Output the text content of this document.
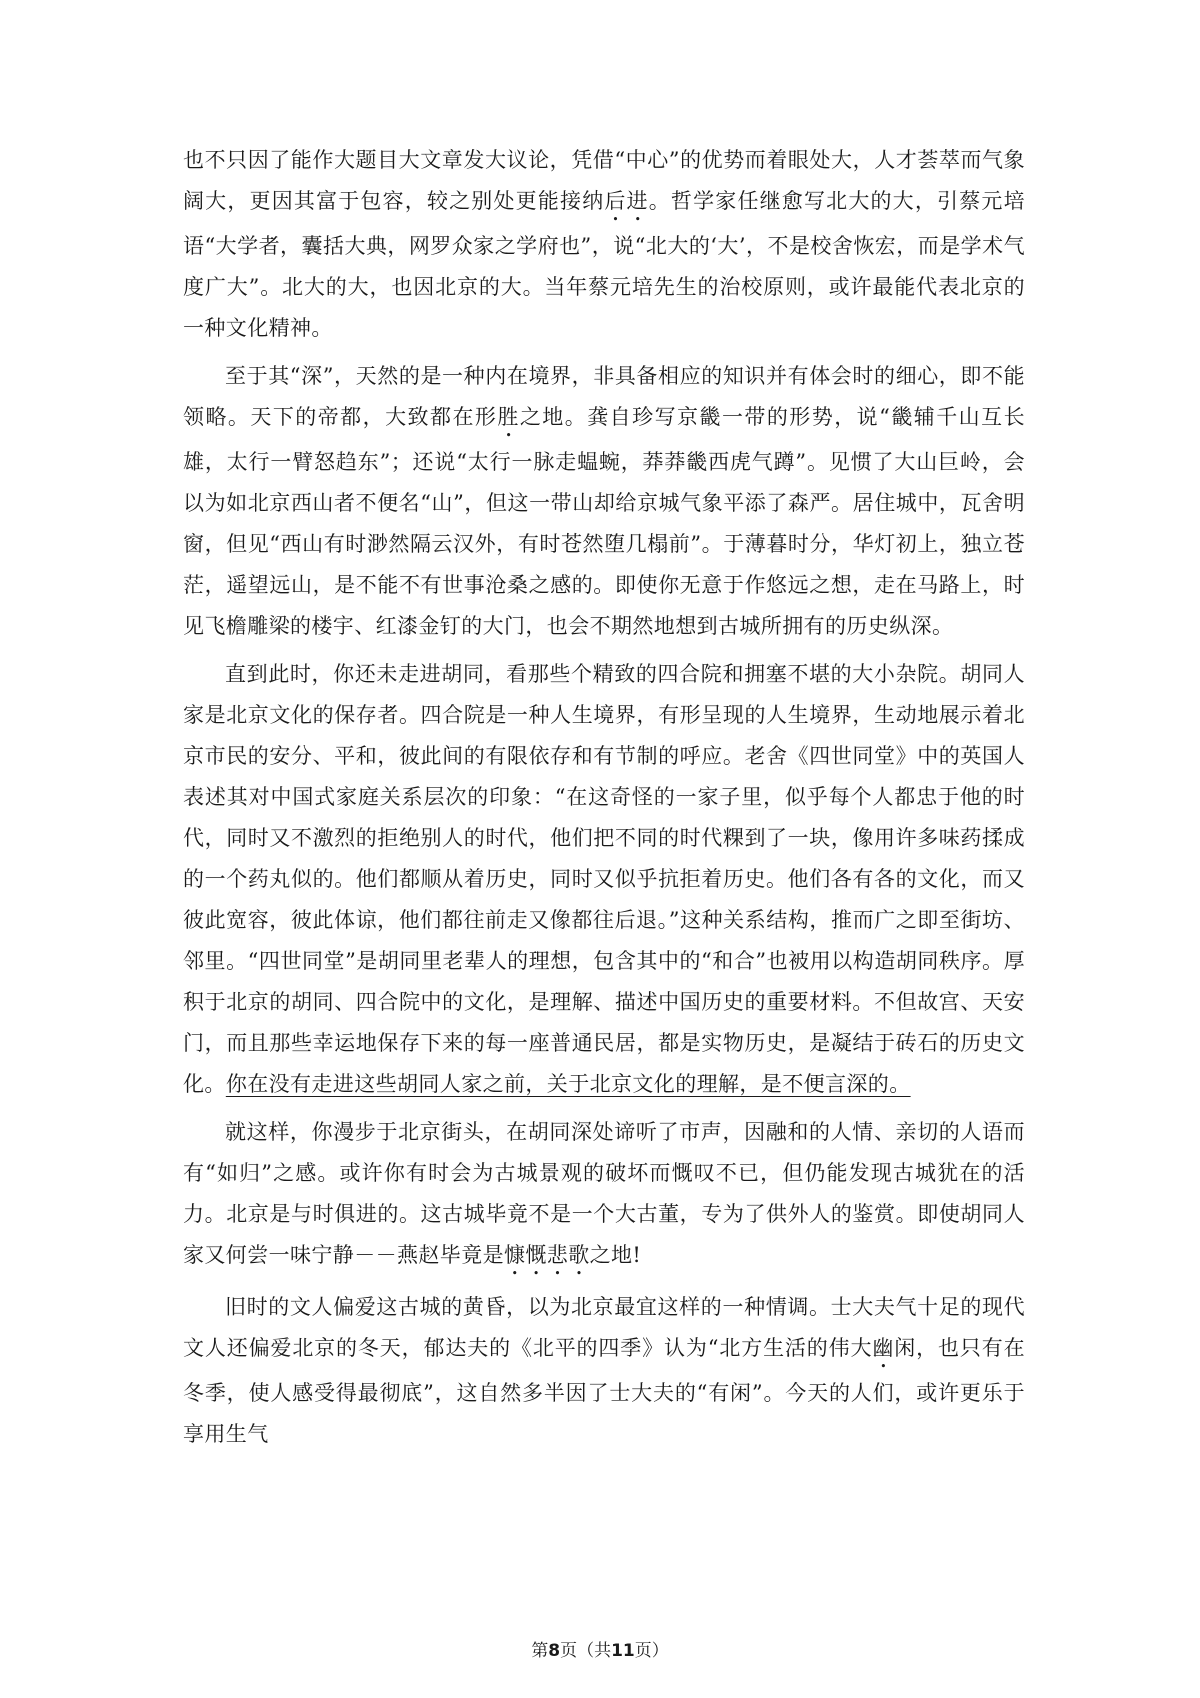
也不只因了能作大题目大文章发大议论，凭借“中心”的优势而着眼处大，人才荟萃而气象阔大，更因其富于包容，较之别处更能接纳后进。哲学家任继愈写北大的大，引蔡元培语“大学者，囊括大典，网罗众家之学府也”，说“北大的‘大’，不是校舍恢宏，而是学术气度广大”。北大的大，也因北京的大。当年蔡元培先生的治校原则，或许最能代表北京的一种文化精神。

至于其“深”，天然的是一种内在境界，非具备相应的知识并有体会时的细心，即不能领略。天下的帝都，大致都在形胜之地。龚自珍写京畿一带的形势，说“畿辅千山互长雄，太行一臂怒趋东”；还说“太行一脉走蝹蜿，莽莽畿西虎气蹲”。见惯了大山巨岭，会以为如北京西山者不便名“山”，但这一带山却给京城气象平添了森严。居住城中，瓦舍明窗，但见“西山有时渺然隔云汉外，有时苍然堕几榻前”。于薄暮时分，华灯初上，独立苍茫，遥望远山，是不能不有世事沧桑之感的。即使你无意于作悠远之想，走在马路上，时见飞檐雕梁的楼宇、红漆金钉的大门，也会不期然地想到古城所拥有的历史纵深。

直到此时，你还未走进胡同，看那些个精致的四合院和拥塞不堪的大小杂院。胡同人家是北京文化的保存者。四合院是一种人生境界，有形呈现的人生境界，生动地展示着北京市民的安分、平和，彼此间的有限依存和有节制的呼应。老舍《四世同堂》中的英国人表述其对中国式家庭关系层次的印象：“在这奇怪的一家子里，似乎每个人都忠于他的时代，同时又不激烈的拒绝别人的时代，他们把不同的时代粿到了一块，像用许多味药揉成的一个药丸似的。他们都顺从着历史，同时又似乎抗拒着历史。他们各有各的文化，而又彼此宽容，彼此体谅，他们都往前走又像都往后退。”这种关系结构，推而广之即至街坊、邻里。“四世同堂”是胡同里老辈人的理想，包含其中的“和合”也被用以构造胡同秩序。厚积于北京的胡同、四合院中的文化，是理解、描述中国历史的重要材料。不但故宫、天安门，而且那些幸运地保存下来的每一座普通民居，都是实物历史，是凝结于砖石的历史文化。你在没有走进这些胡同人家之前，关于北京文化的理解，是不便言深的。

就这样，你漫步于北京街头，在胡同深处谛听了市声，因融和的人情、亲切的人语而有“如归”之感。或许你有时会为古城景观的破坏而慨叹不已，但仍能发现古城犹在的活力。北京是与时俱进的。这古城毕竟不是一个大古董，专为了供外人的鉴赏。即使胡同人家又何尝一味宁静－－燕赵毕竟是慷慨悲歌之地!

旧时的文人偏爱这古城的黄昏，以为北京最宜这样的一种情调。士大夫气十足的现代文人还偏爱北京的冬天，郁达夫的《北平的四季》认为“北方生活的伟大幽闲，也只有在冬季，使人感受得最彻底”，这自然多半因了士大夫的“有闲”。今天的人们，或许更乐于享用生气

第8页（共11页）
